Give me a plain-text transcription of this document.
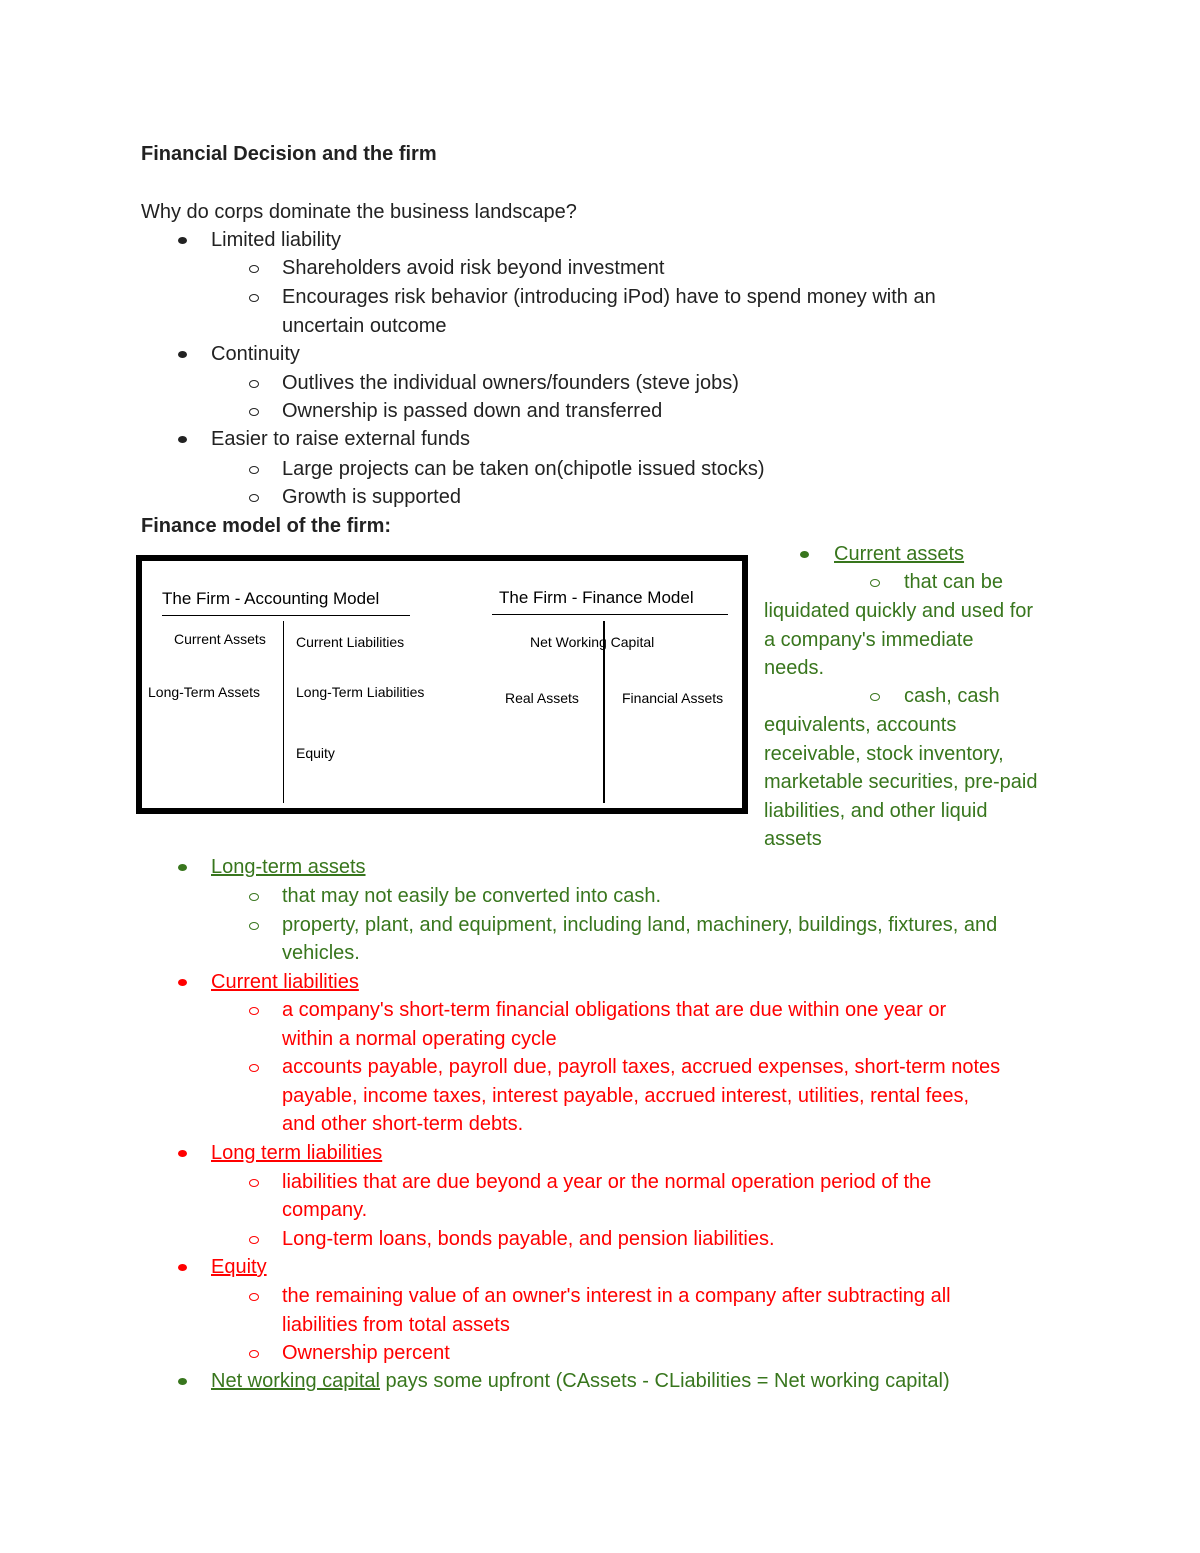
Financial Decision and the firm
Why do corps dominate the business landscape?
Limited liability
Shareholders avoid risk beyond investment
Encourages risk behavior (introducing iPod) have to spend money with an
uncertain outcome
Continuity
Outlives the individual owners/founders (steve jobs)
Ownership is passed down and transferred
Easier to raise external funds
Large projects can be taken on(chipotle issued stocks)
Growth is supported
Finance model of the firm:
The Firm - Accounting Model	The Firm - Finance Model
Current Assets
Long-Term Assets
Current Liabilities
Long-Term Liabilities
Equity
Net Working Capital
Real Assets	Financial Assets
Current assets
that can be
liquidated quickly and used for
a company's immediate
needs.
cash, cash
equivalents, accounts
receivable, stock inventory,
marketable securities, pre-paid
liabilities, and other liquid
assets
Long-term assets
that may not easily be converted into cash.
property, plant, and equipment, including land, machinery, buildings, fixtures, and
vehicles.
Current liabilities
a company's short-term financial obligations that are due within one year or
within a normal operating cycle
accounts payable, payroll due, payroll taxes, accrued expenses, short-term notes
payable, income taxes, interest payable, accrued interest, utilities, rental fees,
and other short-term debts.
Long term liabilities
liabilities that are due beyond a year or the normal operation period of the
company.
Long-term loans, bonds payable, and pension liabilities.
Equity
the remaining value of an owner's interest in a company after subtracting all
liabilities from total assets
Ownership percent
Net working capital pays some upfront (CAssets - CLiabilities = Net working capital)
